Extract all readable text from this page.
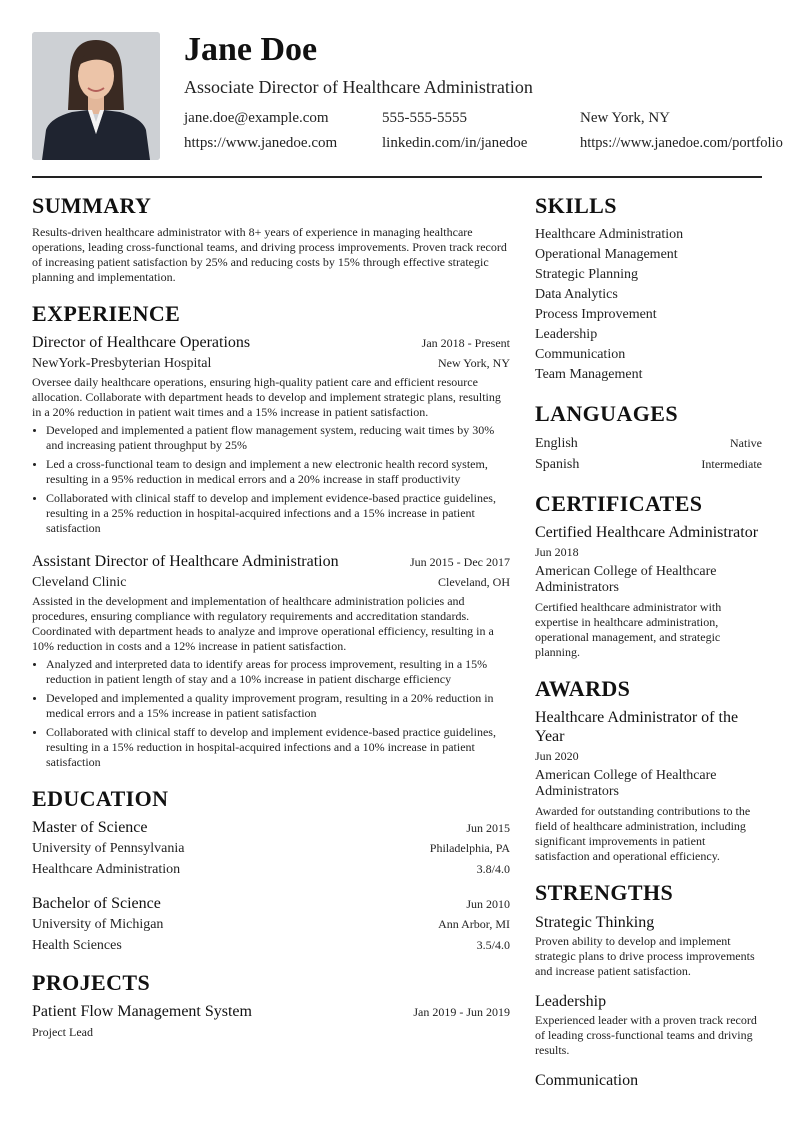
Jane Doe
Associate Director of Healthcare Administration
jane.doe@example.com	555-555-5555	New York, NY
https://www.janedoe.com	linkedin.com/in/janedoe	https://www.janedoe.com/portfolio
SUMMARY

Results-driven healthcare administrator with 8+ years of experience in managing healthcare operations, leading cross-functional teams, and driving process improvements. Proven track record of increasing patient satisfaction by 25% and reducing costs by 15% through effective strategic planning and implementation.

EXPERIENCE
Director of Healthcare Operations	Jan 2018 - Present
NewYork-Presbyterian Hospital	New York, NY

Oversee daily healthcare operations, ensuring high-quality patient care and efficient resource allocation. Collaborate with department heads to develop and implement strategic plans, resulting in a 20% reduction in patient wait times and a 15% increase in patient satisfaction.

• Developed and implemented a patient flow management system, reducing wait times by 30% and increasing patient throughput by 25%
• Led a cross-functional team to design and implement a new electronic health record system, resulting in a 95% reduction in medical errors and a 20% increase in staff productivity
• Collaborated with clinical staff to develop and implement evidence-based practice guidelines, resulting in a 25% reduction in hospital-acquired infections and a 15% increase in patient satisfaction
Assistant Director of Healthcare Administration	Jun 2015 - Dec 2017
Cleveland Clinic	Cleveland, OH

Assisted in the development and implementation of healthcare administration policies and procedures, ensuring compliance with regulatory requirements and accreditation standards. Coordinated with department heads to analyze and improve operational efficiency, resulting in a 10% reduction in costs and a 12% increase in patient satisfaction.

• Analyzed and interpreted data to identify areas for process improvement, resulting in a 15% reduction in patient length of stay and a 10% increase in patient discharge efficiency
• Developed and implemented a quality improvement program, resulting in a 20% reduction in medical errors and a 15% increase in patient satisfaction
• Collaborated with clinical staff to develop and implement evidence-based practice guidelines, resulting in a 15% reduction in hospital-acquired infections and a 10% increase in patient satisfaction
EDUCATION
Master of Science	Jun 2015
University of Pennsylvania	Philadelphia, PA
Healthcare Administration	3.8/4.0
Bachelor of Science	Jun 2010
University of Michigan	Ann Arbor, MI
Health Sciences	3.5/4.0
PROJECTS
Patient Flow Management System	Jan 2019 - Jun 2019
Project Lead
SKILLS
Healthcare Administration
Operational Management
Strategic Planning
Data Analytics
Process Improvement
Leadership
Communication
Team Management
LANGUAGES
English	Native
Spanish	Intermediate
CERTIFICATES
Certified Healthcare Administrator
Jun 2018
American College of Healthcare Administrators
Certified healthcare administrator with expertise in healthcare administration, operational management, and strategic planning.
AWARDS
Healthcare Administrator of the Year
Jun 2020
American College of Healthcare Administrators
Awarded for outstanding contributions to the field of healthcare administration, including significant improvements in patient satisfaction and operational efficiency.
STRENGTHS
Strategic Thinking
Proven ability to develop and implement strategic plans to drive process improvements and increase patient satisfaction.
Leadership
Experienced leader with a proven track record of leading cross-functional teams and driving results.
Communication
